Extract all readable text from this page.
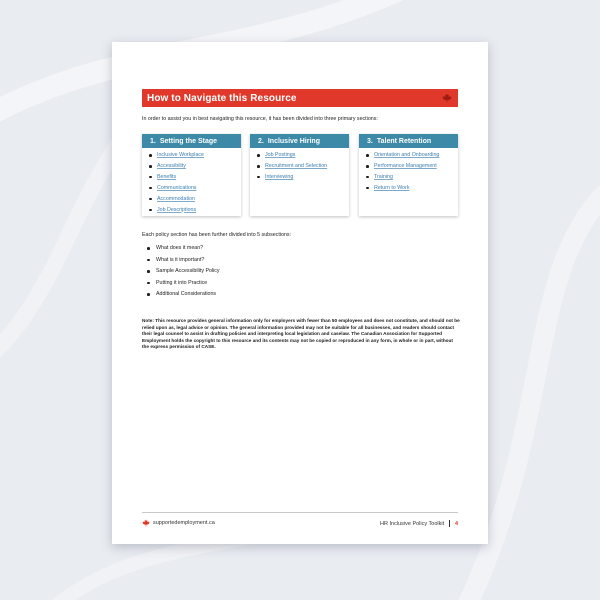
How to Navigate this Resource
In order to assist you in best navigating this resource, it has been divided into three primary sections:
1. Setting the Stage
Inclusive Workplace
Accessibility
Benefits
Communications
Accommodation
Job Descriptions
2. Inclusive Hiring
Job Postings
Recruitment and Selection
Interviewing
3. Talent Retention
Orientation and Onboarding
Performance Management
Training
Return to Work
Each policy section has been further divided into 5 subsections:
What does it mean?
What is it important?
Sample Accessibility Policy
Putting it into Practice
Additional Considerations
Note: This resource provides general information only for employers with fewer than 50 employees and does not constitute, and should not be relied upon as, legal advice or opinion. The general information provided may not be suitable for all businesses, and readers should contact their legal counsel to assist in drafting policies and interpreting local legislation and caselaw. The Canadian Association for Supported Employment holds the copyright to this resource and its contents may not be copied or reproduced in any form, in whole or in part, without the express permission of CASE.
supportedemployment.ca	HR Inclusive Policy Toolkit 4
